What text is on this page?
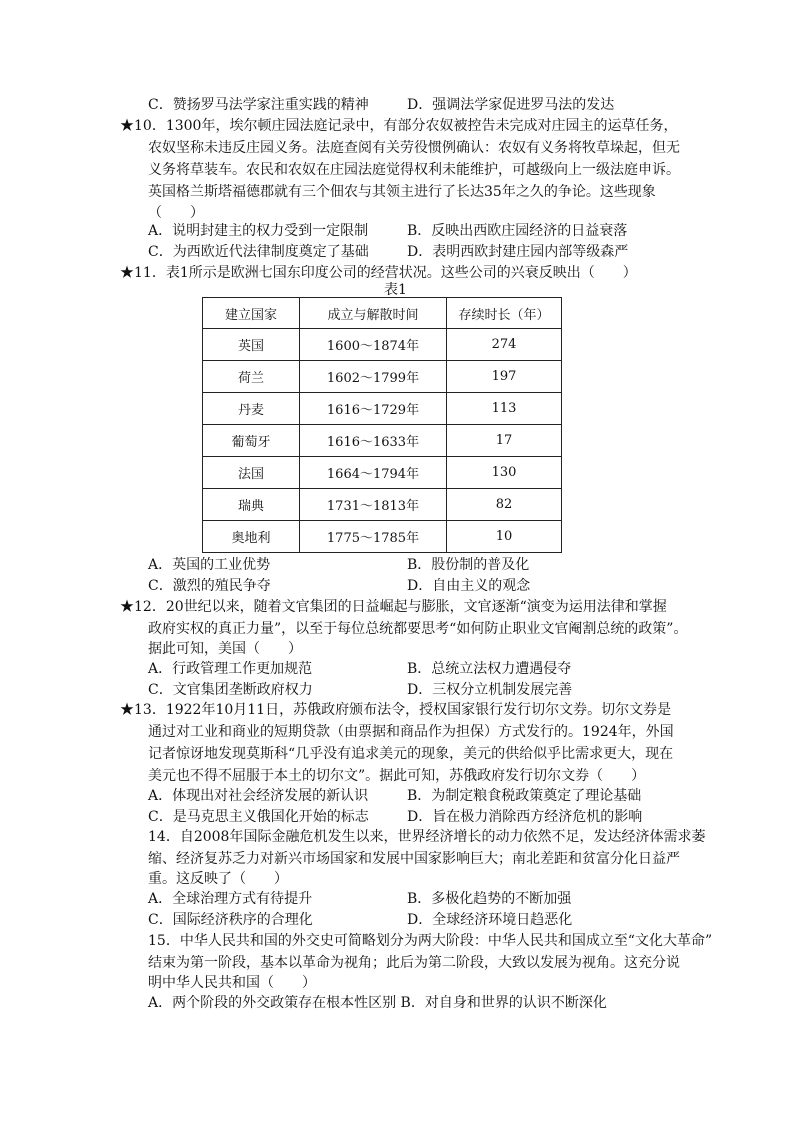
C．赞扬罗马法学家注重实践的精神	D．强调法学家促进罗马法的发达
★10．1300年，埃尔顿庄园法庭记录中，有部分农奴被控告未完成对庄园主的运草任务，
农奴坚称未违反庄园义务。法庭查阅有关劳役惯例确认：农奴有义务将牧草垛起，但无
义务将草装车。农民和农奴在庄园法庭觉得权利未能维护，可越级向上一级法庭申诉。
英国格兰斯塔福德郡就有三个佃农与其领主进行了长达35年之久的争论。这些现象
（　　）
A．说明封建主的权力受到一定限制	B．反映出西欧庄园经济的日益衰落
C．为西欧近代法律制度奠定了基础	D．表明西欧封建庄园内部等级森严
★11．表1所示是欧洲七国东印度公司的经营状况。这些公司的兴衰反映出（　　）
表1
建立国家	成立与解散时间	存续时长（年）
英国	1600～1874年	274
荷兰	1602～1799年	197
丹麦	1616～1729年	113
葡萄牙	1616～1633年	17
法国	1664～1794年	130
瑞典	1731～1813年	82
奥地利	1775～1785年	10
A．英国的工业优势	B．股份制的普及化
C．激烈的殖民争夺	D．自由主义的观念
★12．20世纪以来，随着文官集团的日益崛起与膨胀，文官逐渐“演变为运用法律和掌握
政府实权的真正力量”，以至于每位总统都要思考“如何防止职业文官阉割总统的政策”。
据此可知，美国（　　）
A．行政管理工作更加规范	B．总统立法权力遭遇侵夺
C．文官集团垄断政府权力	D．三权分立机制发展完善
★13．1922年10月11日，苏俄政府颁布法令，授权国家银行发行切尔文券。切尔文券是
通过对工业和商业的短期贷款（由票据和商品作为担保）方式发行的。1924年，外国
记者惊讶地发现莫斯科“几乎没有追求美元的现象，美元的供给似乎比需求更大，现在
美元也不得不屈服于本土的切尔文”。据此可知，苏俄政府发行切尔文券（　　）
A．体现出对社会经济发展的新认识	B．为制定粮食税政策奠定了理论基础
C．是马克思主义俄国化开始的标志	D．旨在极力消除西方经济危机的影响
14．自2008年国际金融危机发生以来，世界经济增长的动力依然不足，发达经济体需求萎
缩、经济复苏乏力对新兴市场国家和发展中国家影响巨大；南北差距和贫富分化日益严
重。这反映了（　　）
A．全球治理方式有待提升	B．多极化趋势的不断加强
C．国际经济秩序的合理化	D．全球经济环境日趋恶化
15．中华人民共和国的外交史可简略划分为两大阶段：中华人民共和国成立至“文化大革命”
结束为第一阶段，基本以革命为视角；此后为第二阶段，大致以发展为视角。这充分说
明中华人民共和国（　　）
A．两个阶段的外交政策存在根本性区别 B．对自身和世界的认识不断深化
